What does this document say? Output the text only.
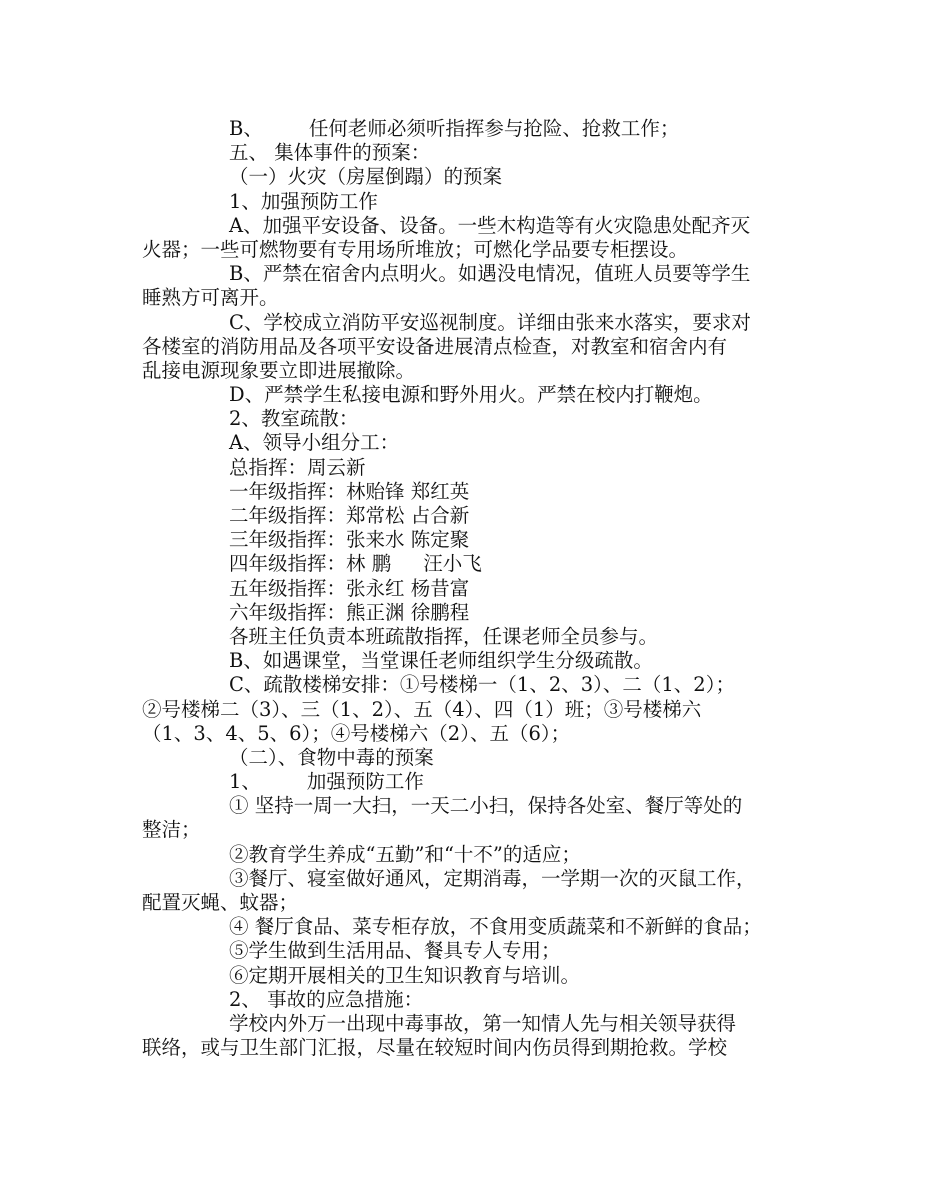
B、 任何老师必须听指挥参与抢险、抢救工作；
五、 集体事件的预案：
（一）火灾（房屋倒蹋）的预案
1、加强预防工作
A、加强平安设备、设备。一些木构造等有火灾隐患处配齐灭
火器；一些可燃物要有专用场所堆放；可燃化学品要专柜摆设。
B、严禁在宿舍内点明火。如遇没电情况，值班人员要等学生
睡熟方可离开。
C、学校成立消防平安巡视制度。详细由张来水落实，要求对
各楼室的消防用品及各项平安设备进展清点检查，对教室和宿舍内有
乱接电源现象要立即进展撤除。
D、严禁学生私接电源和野外用火。严禁在校内打鞭炮。
2、教室疏散：
A、领导小组分工：
总指挥：周云新
一年级指挥：林贻锋 郑红英
二年级指挥：郑常松 占合新
三年级指挥：张来水 陈定聚
四年级指挥：林 鹏 汪小飞
五年级指挥：张永红 杨昔富
六年级指挥：熊正渊 徐鹏程
各班主任负责本班疏散指挥，任课老师全员参与。
B、如遇课堂，当堂课任老师组织学生分级疏散。
C、疏散楼梯安排：①号楼梯一（1、2、3）、二（1、2）；
②号楼梯二（3）、三（1、2）、五（4）、四（1）班；③号楼梯六
（1、3、4、5、6）；④号楼梯六（2）、五（6）；
（二）、食物中毒的预案
1、 加强预防工作
① 坚持一周一大扫，一天二小扫，保持各处室、餐厅等处的
整洁；
②教育学生养成“五勤”和“十不”的适应；
③餐厅、寝室做好通风，定期消毒，一学期一次的灭鼠工作，
配置灭蝇、蚊器；
④ 餐厅食品、菜专柜存放，不食用变质蔬菜和不新鲜的食品；
⑤学生做到生活用品、餐具专人专用；
⑥定期开展相关的卫生知识教育与培训。
2、 事故的应急措施：
学校内外万一出现中毒事故，第一知情人先与相关领导获得
联络，或与卫生部门汇报，尽量在较短时间内伤员得到期抢救。学校
